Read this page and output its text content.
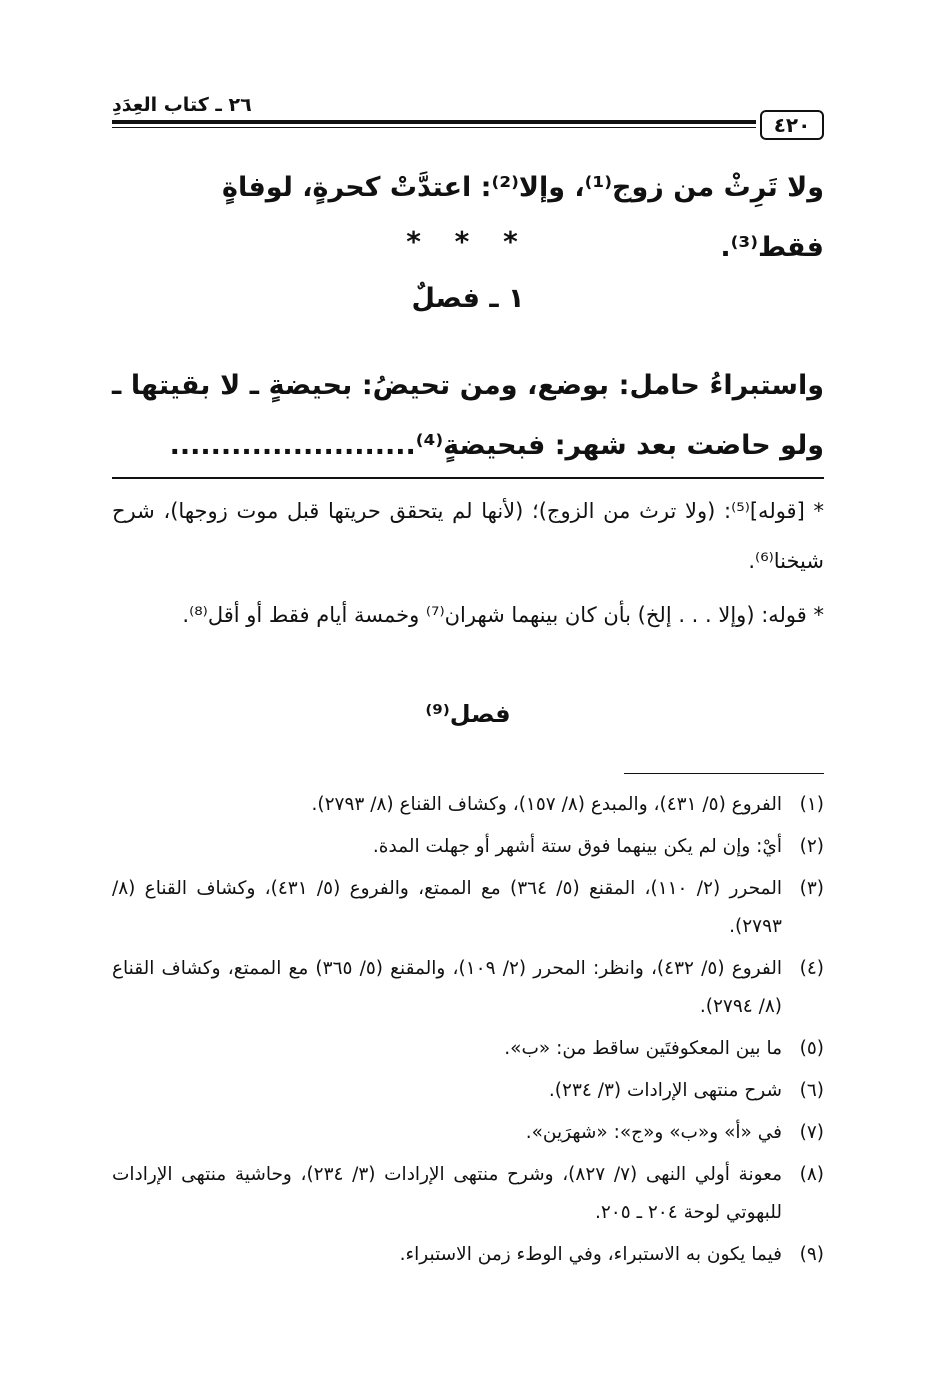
٤٢٠
٢٦ ـ كتاب العِدَدِ
ولا تَرِثْ من زوج⁽¹⁾، وإلا⁽²⁾: اعتدَّتْ كحرةٍ، لوفاةٍ فقط⁽³⁾.
* * *
١ ـ فصلٌ
واستبراءُ حامل: بوضع، ومن تحيضُ: بحيضةٍ ـ لا بقيتها ـ ولو حاضت بعد شهر: فبحيضةٍ⁽⁴⁾........................
* [قوله]⁽⁵⁾: (ولا ترث من الزوج)؛ (لأنها لم يتحقق حريتها قبل موت زوجها)، شرح شيخنا⁽⁶⁾.
* قوله: (وإلا . . . إلخ) بأن كان بينهما شهران⁽⁷⁾ وخمسة أيام فقط أو أقل⁽⁸⁾.
فصل⁽⁹⁾
(١)
الفروع (٥/ ٤٣١)، والمبدع (٨/ ١٥٧)، وكشاف القناع (٨/ ٢٧٩٣).
(٢)
أيْ: وإن لم يكن بينهما فوق ستة أشهر أو جهلت المدة.
(٣)
المحرر (٢/ ١١٠)، المقنع (٥/ ٣٦٤) مع الممتع، والفروع (٥/ ٤٣١)، وكشاف القناع (٨/ ٢٧٩٣).
(٤)
الفروع (٥/ ٤٣٢)، وانظر: المحرر (٢/ ١٠٩)، والمقنع (٥/ ٣٦٥) مع الممتع، وكشاف القناع (٨/ ٢٧٩٤).
(٥)
ما بين المعكوفتَين ساقط من: «ب».
(٦)
شرح منتهى الإرادات (٣/ ٢٣٤).
(٧)
في «أ» و«ب» و«ج»: «شهرَين».
(٨)
معونة أولي النهى (٧/ ٨٢٧)، وشرح منتهى الإرادات (٣/ ٢٣٤)، وحاشية منتهى الإرادات للبهوتي لوحة ٢٠٤ ـ ٢٠٥.
(٩)
فيما يكون به الاستبراء، وفي الوطء زمن الاستبراء.
